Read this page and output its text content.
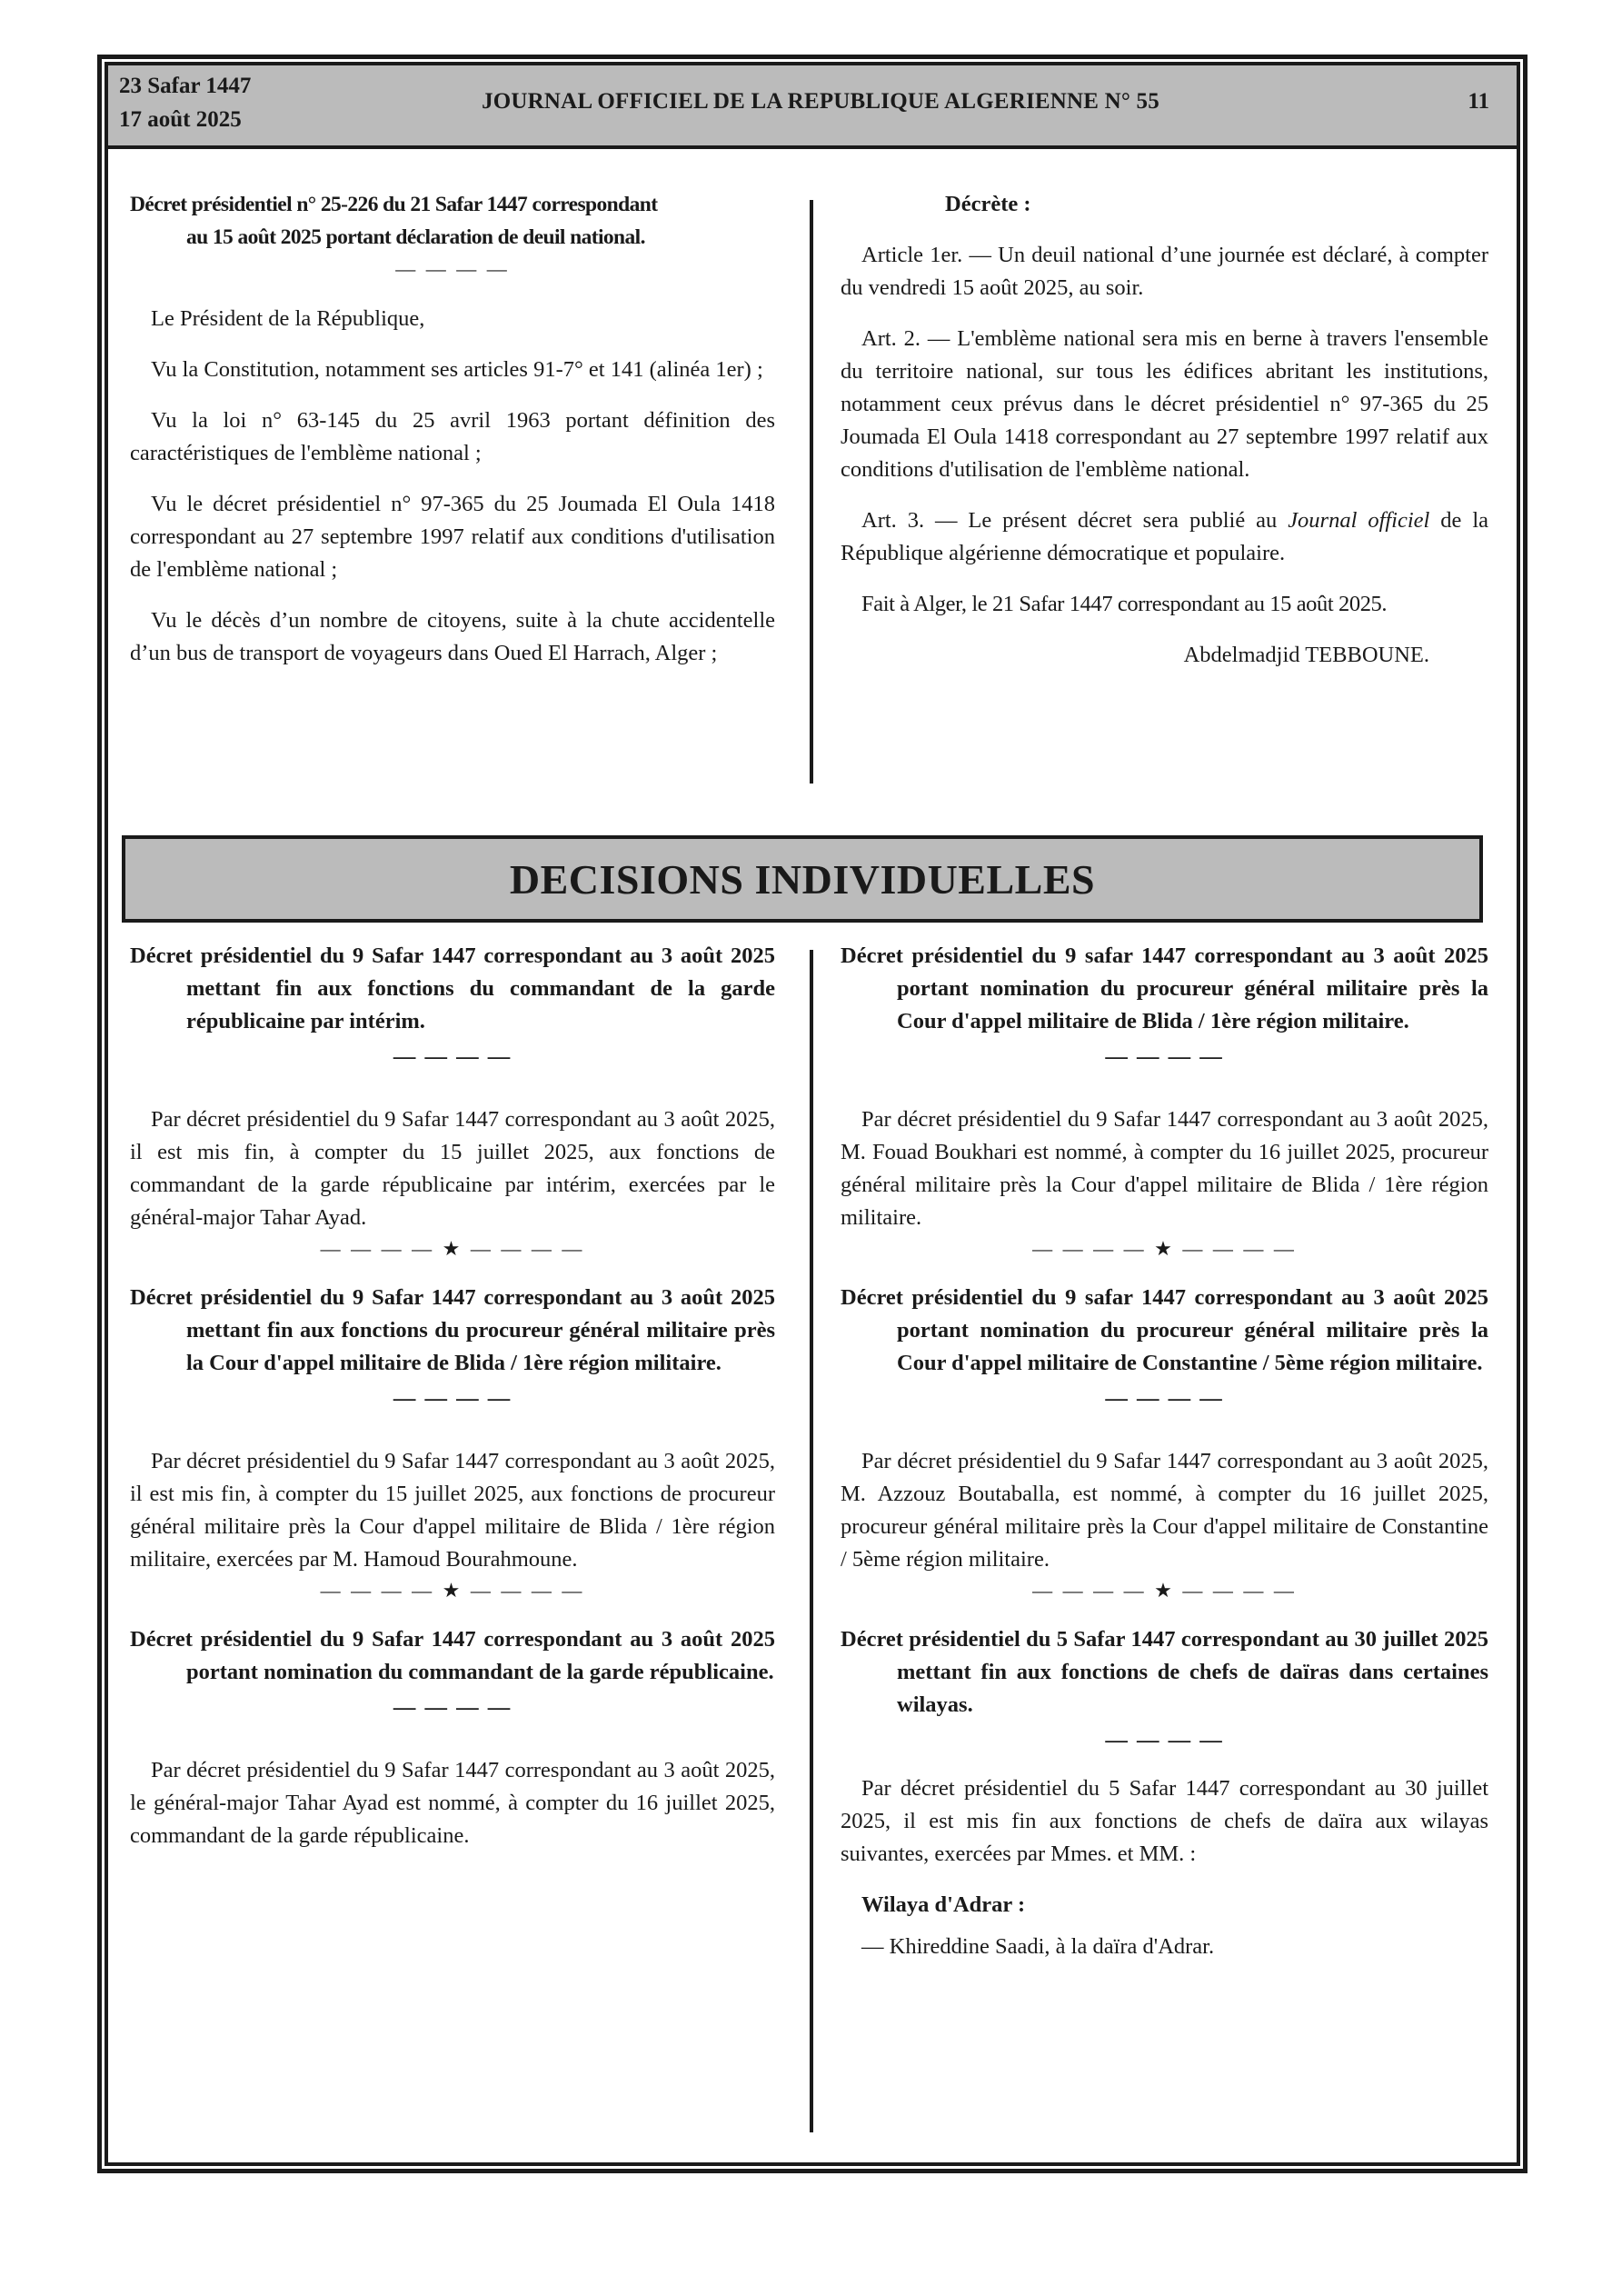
23 Safar 1447
17 août 2025
JOURNAL OFFICIEL DE LA REPUBLIQUE ALGERIENNE N° 55	11

Décret présidentiel n° 25-226 du 21 Safar 1447 correspondant

au 15 août 2025 portant déclaration de deuil national.

— — — —

Le Président de la République,

Vu la Constitution, notamment ses articles 91-7° et 141 (alinéa 1er) ;

Vu la loi n° 63-145 du 25 avril 1963 portant définition des caractéristiques de l'emblème national ;

Vu le décret présidentiel n° 97-365 du 25 Joumada El Oula 1418 correspondant au 27 septembre 1997 relatif aux conditions d'utilisation de l'emblème national ;

Vu le décès d’un nombre de citoyens, suite à la chute accidentelle d’un bus de transport de voyageurs dans Oued El Harrach, Alger ;

Décrète :

Article 1er. — Un deuil national d’une journée est déclaré, à compter du vendredi 15 août 2025, au soir.

Art. 2. — L'emblème national sera mis en berne à travers l'ensemble du territoire national, sur tous les édifices abritant les institutions, notamment ceux prévus dans le décret présidentiel n° 97-365 du 25 Joumada El Oula 1418 correspondant au 27 septembre 1997 relatif aux conditions d'utilisation de l'emblème national.

Art. 3. — Le présent décret sera publié au Journal officiel de la République algérienne démocratique et populaire.

Fait à Alger, le 21 Safar 1447 correspondant au 15 août 2025.

Abdelmadjid TEBBOUNE.

DECISIONS INDIVIDUELLES

Décret présidentiel du 9 Safar 1447 correspondant au 3 août 2025 mettant fin aux fonctions du commandant de la garde républicaine par intérim.

— — — —

Par décret présidentiel du 9 Safar 1447 correspondant au 3 août 2025, il est mis fin, à compter du 15 juillet 2025, aux fonctions de commandant de la garde républicaine par intérim, exercées par le général-major Tahar Ayad.

— — — — ★ — — — —

Décret présidentiel du 9 Safar 1447 correspondant au 3 août 2025 mettant fin aux fonctions du procureur général militaire près la Cour d'appel militaire de Blida / 1ère région militaire.

— — — —

Par décret présidentiel du 9 Safar 1447 correspondant au 3 août 2025, il est mis fin, à compter du 15 juillet 2025, aux fonctions de procureur général militaire près la Cour d'appel militaire de Blida / 1ère région militaire, exercées par M. Hamoud Bourahmoune.

— — — — ★ — — — —

Décret présidentiel du 9 Safar 1447 correspondant au 3 août 2025 portant nomination du commandant de la garde républicaine.

— — — —

Par décret présidentiel du 9 Safar 1447 correspondant au 3 août 2025, le général-major Tahar Ayad est nommé, à compter du 16 juillet 2025, commandant de la garde républicaine.

Décret présidentiel du 9 safar 1447 correspondant au 3 août 2025 portant nomination du procureur général militaire près la Cour d'appel militaire de Blida / 1ère région militaire.

— — — —

Par décret présidentiel du 9 Safar 1447 correspondant au 3 août 2025, M. Fouad Boukhari est nommé, à compter du 16 juillet 2025, procureur général militaire près la Cour d'appel militaire de Blida / 1ère région militaire.

— — — — ★ — — — —

Décret présidentiel du 9 safar 1447 correspondant au 3 août 2025 portant nomination du procureur général militaire près la Cour d'appel militaire de Constantine / 5ème région militaire.

— — — —

Par décret présidentiel du 9 Safar 1447 correspondant au 3 août 2025, M. Azzouz Boutaballa, est nommé, à compter du 16 juillet 2025, procureur général militaire près la Cour d'appel militaire de Constantine / 5ème région militaire.

— — — — ★ — — — —

Décret présidentiel du 5 Safar 1447 correspondant au 30 juillet 2025 mettant fin aux fonctions de chefs de daïras dans certaines wilayas.

— — — —

Par décret présidentiel du 5 Safar 1447 correspondant au 30 juillet 2025, il est mis fin aux fonctions de chefs de daïra aux wilayas suivantes, exercées par Mmes. et MM. :

Wilaya d'Adrar :

— Khireddine Saadi, à la daïra d'Adrar.
